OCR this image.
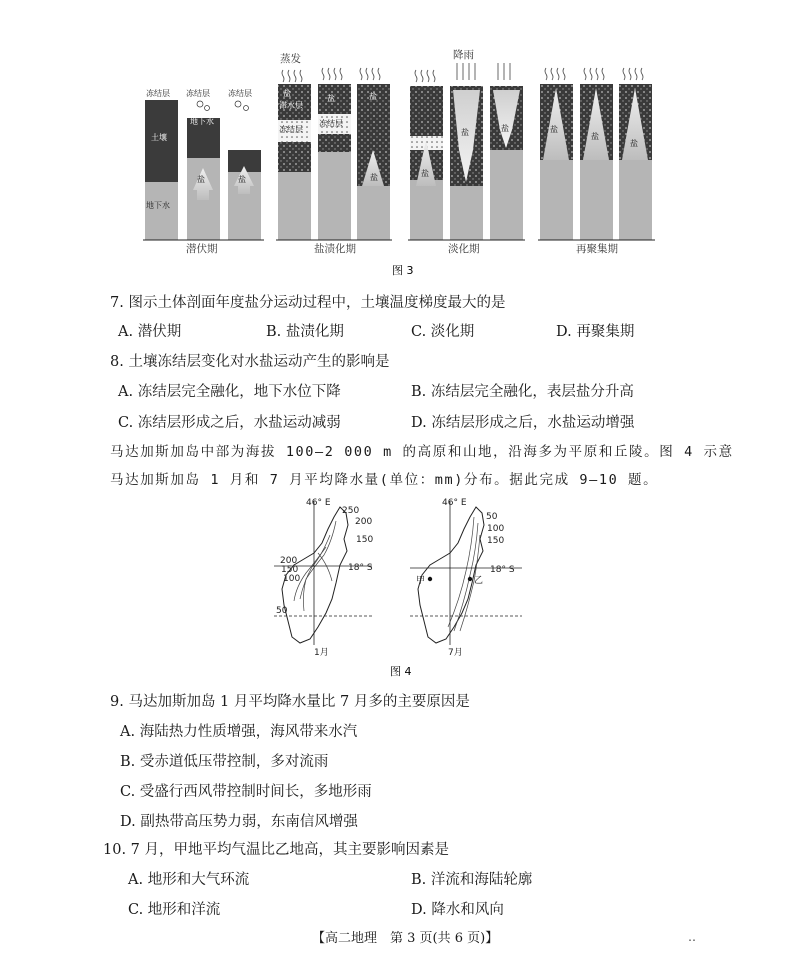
冻结层 冻结层 冻结层
土壤
地下水
地下水
盐	盐
潜伏期
蒸发
盐
滞水层
冻结层
盐
冻结层
盐
盐
盐渍化期
降雨
盐
盐	盐
淡化期
盐
盐
盐
再聚集期
图 3
7. 图示土体剖面年度盐分运动过程中，土壤温度梯度最大的是
A. 潜伏期	B. 盐渍化期	C. 淡化期	D. 再聚集期
8. 土壤冻结层变化对水盐运动产生的影响是
A. 冻结层完全融化，地下水位下降	B. 冻结层完全融化，表层盐分升高
C. 冻结层形成之后，水盐运动减弱	D. 冻结层形成之后，水盐运动增强
马达加斯加岛中部为海拔 100—2 000 m 的高原和山地，沿海多为平原和丘陵。图 4 示意
马达加斯加岛 1 月和 7 月平均降水量(单位：mm)分布。据此完成 9—10 题。
46° E
18° S
250
200
150
200
150
100
50
1月
46° E
18° S
50
100
150
甲	乙
7月
图 4
9. 马达加斯加岛 1 月平均降水量比 7 月多的主要原因是
A. 海陆热力性质增强，海风带来水汽
B. 受赤道低压带控制，多对流雨
C. 受盛行西风带控制时间长，多地形雨
D. 副热带高压势力弱，东南信风增强
10. 7 月，甲地平均气温比乙地高，其主要影响因素是
A. 地形和大气环流	B. 洋流和海陆轮廓
C. 地形和洋流	D. 降水和风向
【高二地理　第 3 页(共 6 页)】	‥
